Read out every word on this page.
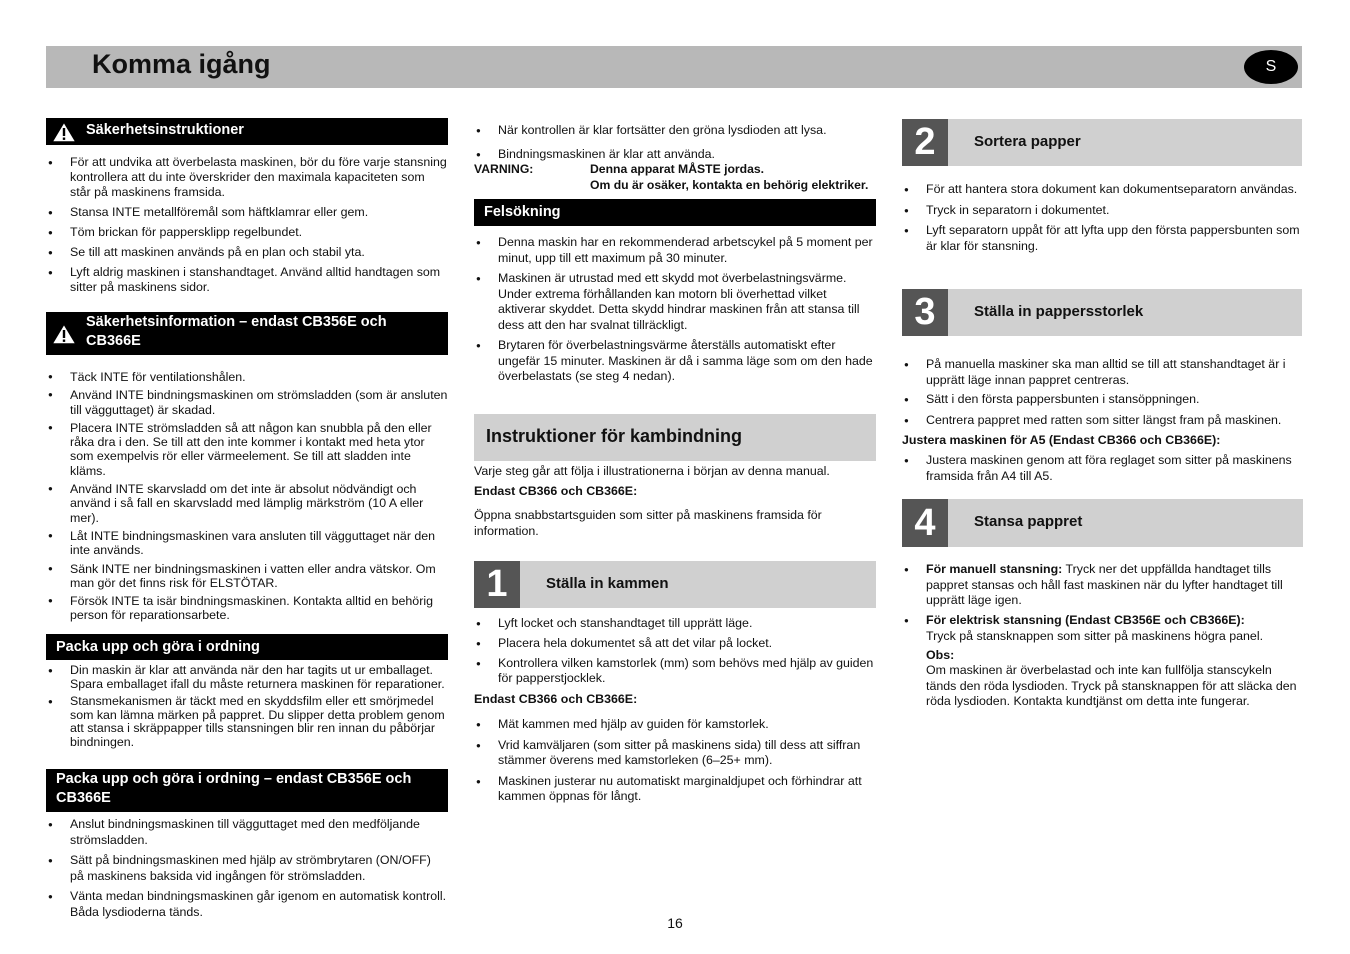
Komma igång	S
Säkerhetsinstruktioner
● För att undvika att överbelasta maskinen, bör du före varje stansning kontrollera att du inte överskrider den maximala kapaciteten som står på maskinens framsida.
● Stansa INTE metallföremål som häftklamrar eller gem.
● Töm brickan för pappersklipp regelbundet.
● Se till att maskinen används på en plan och stabil yta.
● Lyft aldrig maskinen i stanshandtaget. Använd alltid handtagen som sitter på maskinens sidor.
Säkerhetsinformation – endast CB356E och CB366E
● Täck INTE för ventilationshålen.
● Använd INTE bindningsmaskinen om strömsladden (som är ansluten till vägguttaget) är skadad.
● Placera INTE strömsladden så att någon kan snubbla på den eller råka dra i den. Se till att den inte kommer i kontakt med heta ytor som exempelvis rör eller värmeelement. Se till att sladden inte kläms.
● Använd INTE skarvsladd om det inte är absolut nödvändigt och använd i så fall en skarvsladd med lämplig märkström (10 A eller mer).
● Låt INTE bindningsmaskinen vara ansluten till vägguttaget när den inte används.
● Sänk INTE ner bindningsmaskinen i vatten eller andra vätskor. Om man gör det finns risk för ELSTÖTAR.
● Försök INTE ta isär bindningsmaskinen. Kontakta alltid en behörig person för reparationsarbete.
Packa upp och göra i ordning
● Din maskin är klar att använda när den har tagits ut ur emballaget. Spara emballaget ifall du måste returnera maskinen för reparationer.
● Stansmekanismen är täckt med en skyddsfilm eller ett smörjmedel som kan lämna märken på pappret. Du slipper detta problem genom att stansa i skräppapper tills stansningen blir ren innan du påbörjar bindningen.
Packa upp och göra i ordning – endast CB356E och CB366E
● Anslut bindningsmaskinen till vägguttaget med den medföljande strömsladden.
● Sätt på bindningsmaskinen med hjälp av strömbrytaren (ON/OFF) på maskinens baksida vid ingången för strömsladden.
● Vänta medan bindningsmaskinen går igenom en automatisk kontroll. Båda lysdioderna tänds.
● När kontrollen är klar fortsätter den gröna lysdioden att lysa.
● Bindningsmaskinen är klar att använda.
VARNING:	Denna apparat MÅSTE jordas.
Om du är osäker, kontakta en behörig elektriker.
Felsökning
● Denna maskin har en rekommenderad arbetscykel på 5 moment per minut, upp till ett maximum på 30 minuter.
● Maskinen är utrustad med ett skydd mot överbelastningsvärme. Under extrema förhållanden kan motorn bli överhettad vilket aktiverar skyddet. Detta skydd hindrar maskinen från att stansa till dess att den har svalnat tillräckligt.
● Brytaren för överbelastningsvärme återställs automatiskt efter ungefär 15 minuter. Maskinen är då i samma läge som om den hade överbelastats (se steg 4 nedan).
Instruktioner för kambindning
Varje steg går att följa i illustrationerna i början av denna manual.
Endast CB366 och CB366E:
Öppna snabbstartsguiden som sitter på maskinens framsida för information.
1	Ställa in kammen
● Lyft locket och stanshandtaget till upprätt läge.
● Placera hela dokumentet så att det vilar på locket.
● Kontrollera vilken kamstorlek (mm) som behövs med hjälp av guiden för papperstjocklek.
Endast CB366 och CB366E:
● Mät kammen med hjälp av guiden för kamstorlek.
● Vrid kamväljaren (som sitter på maskinens sida) till dess att siffran stämmer överens med kamstorleken (6–25+ mm).
● Maskinen justerar nu automatiskt marginaldjupet och förhindrar att kammen öppnas för långt.
2	Sortera papper
● För att hantera stora dokument kan dokumentseparatorn användas.
● Tryck in separatorn i dokumentet.
● Lyft separatorn uppåt för att lyfta upp den första pappersbunten som är klar för stansning.
3	Ställa in pappersstorlek
● På manuella maskiner ska man alltid se till att stanshandtaget är i upprätt läge innan pappret centreras.
● Sätt i den första pappersbunten i stansöppningen.
● Centrera pappret med ratten som sitter längst fram på maskinen.
Justera maskinen för A5 (Endast CB366 och CB366E):
● Justera maskinen genom att föra reglaget som sitter på maskinens framsida från A4 till A5.
4	Stansa pappret
● För manuell stansning: Tryck ner det uppfällda handtaget tills pappret stansas och håll fast maskinen när du lyfter handtaget till upprätt läge igen.
● För elektrisk stansning (Endast CB356E och CB366E):
Tryck på stansknappen som sitter på maskinens högra panel.
Obs:
Om maskinen är överbelastad och inte kan fullfölja stanscykeln tänds den röda lysdioden. Tryck på stansknappen för att släcka den röda lysdioden. Kontakta kundtjänst om detta inte fungerar.
16
